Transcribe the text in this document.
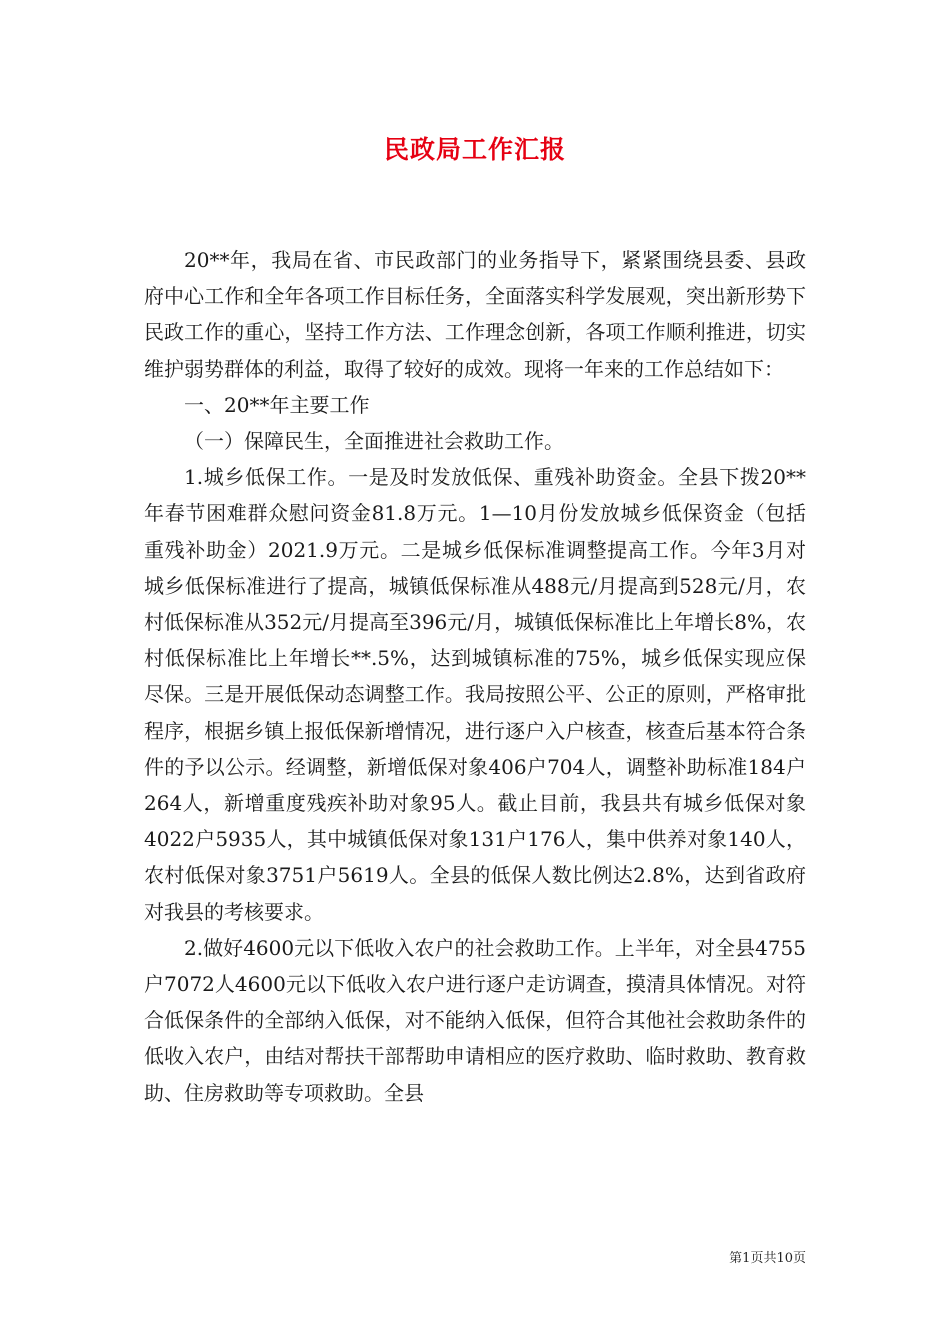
民政局工作汇报

20**年，我局在省、市民政部门的业务指导下，紧紧围绕县委、县政府中心工作和全年各项工作目标任务，全面落实科学发展观，突出新形势下民政工作的重心，坚持工作方法、工作理念创新，各项工作顺利推进，切实维护弱势群体的利益，取得了较好的成效。现将一年来的工作总结如下：

一、20**年主要工作

（一）保障民生，全面推进社会救助工作。

1.城乡低保工作。一是及时发放低保、重残补助资金。全县下拨20**年春节困难群众慰问资金81.8万元。1—10月份发放城乡低保资金（包括重残补助金）2021.9万元。二是城乡低保标准调整提高工作。今年3月对城乡低保标准进行了提高，城镇低保标准从488元/月提高到528元/月，农村低保标准从352元/月提高至396元/月，城镇低保标准比上年增长8%，农村低保标准比上年增长**.5%，达到城镇标准的75%，城乡低保实现应保尽保。三是开展低保动态调整工作。我局按照公平、公正的原则，严格审批程序，根据乡镇上报低保新增情况，进行逐户入户核查，核查后基本符合条件的予以公示。经调整，新增低保对象406户704人，调整补助标准184户264人，新增重度残疾补助对象95人。截止目前，我县共有城乡低保对象4022户5935人，其中城镇低保对象131户176人，集中供养对象140人，农村低保对象3751户5619人。全县的低保人数比例达2.8%，达到省政府对我县的考核要求。

2.做好4600元以下低收入农户的社会救助工作。上半年，对全县4755户7072人4600元以下低收入农户进行逐户走访调查，摸清具体情况。对符合低保条件的全部纳入低保，对不能纳入低保，但符合其他社会救助条件的低收入农户，由结对帮扶干部帮助申请相应的医疗救助、临时救助、教育救助、住房救助等专项救助。全县

第1页共10页
